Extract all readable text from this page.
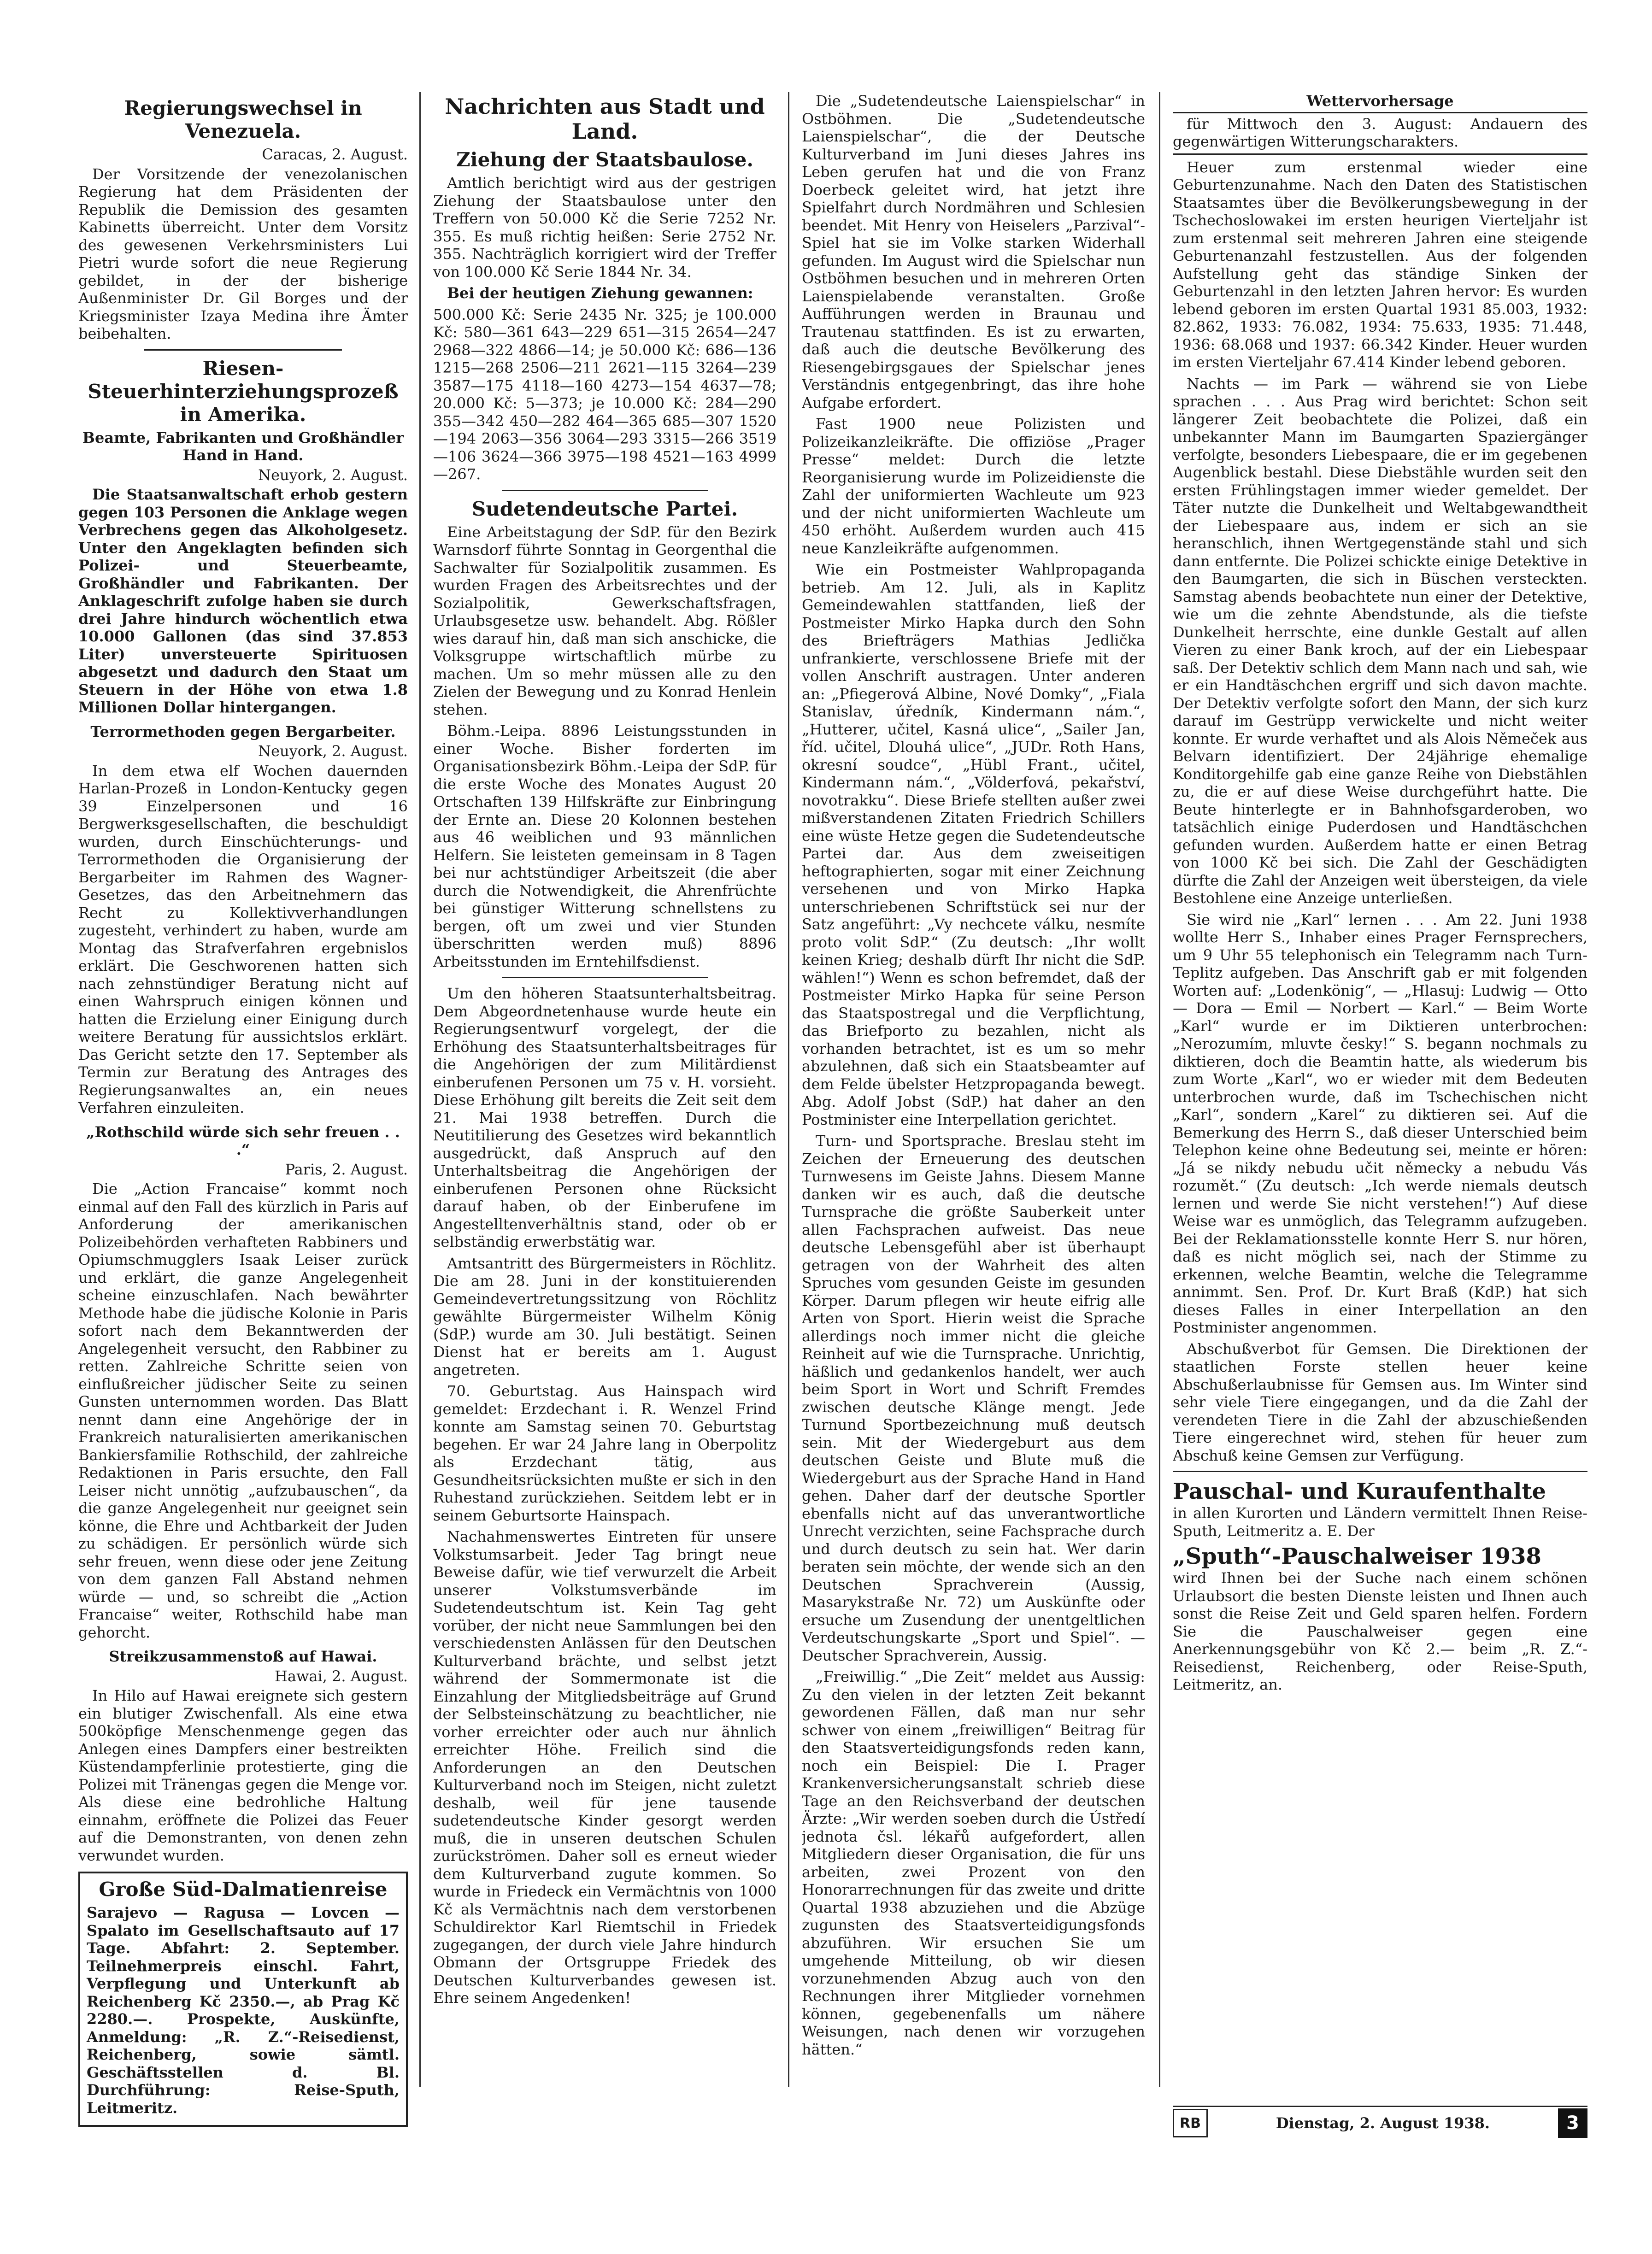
Regierungswechsel in Venezuela.
Caracas, 2. August.

Der Vorsitzende der venezolanischen Regierung hat dem Präsidenten der Republik die Demission des gesamten Kabinetts überreicht. Unter dem Vorsitz des gewesenen Verkehrsministers Lui Pietri wurde sofort die neue Regierung gebildet, in der der bisherige Außenminister Dr. Gil Borges und der Kriegsminister Izaya Medina ihre Ämter beibehalten.

Riesen-Steuerhinterziehungsprozeß in Amerika.
Beamte, Fabrikanten und Großhändler Hand in Hand.
Neuyork, 2. August.

Die Staatsanwaltschaft erhob gestern gegen 103 Personen die Anklage wegen Verbrechens gegen das Alkoholgesetz. Unter den Angeklagten befinden sich Polizei- und Steuerbeamte, Großhändler und Fabrikanten. Der Anklageschrift zufolge haben sie durch drei Jahre hindurch wöchentlich etwa 10.000 Gallonen (das sind 37.853 Liter) unversteuerte Spirituosen abgesetzt und dadurch den Staat um Steuern in der Höhe von etwa 1.8 Millionen Dollar hintergangen.

Terrormethoden gegen Bergarbeiter.
Neuyork, 2. August.

In dem etwa elf Wochen dauernden Harlan-Prozeß in London-Kentucky gegen 39 Einzelpersonen und 16 Bergwerksgesellschaften, die beschuldigt wurden, durch Einschüchterungs- und Terrormethoden die Organisierung der Bergarbeiter im Rahmen des Wagner-Gesetzes, das den Arbeitnehmern das Recht zu Kollektivverhandlungen zugesteht, verhindert zu haben, wurde am Montag das Strafverfahren ergebnislos erklärt. Die Geschworenen hatten sich nach zehnstündiger Beratung nicht auf einen Wahrspruch einigen können und hatten die Erzielung einer Einigung durch weitere Beratung für aussichtslos erklärt. Das Gericht setzte den 17. September als Termin zur Beratung des Antrages des Regierungsanwaltes an, ein neues Verfahren einzuleiten.

„Rothschild würde sich sehr freuen . . .“
Paris, 2. August.

Die „Action Francaise“ kommt noch einmal auf den Fall des kürzlich in Paris auf Anforderung der amerikanischen Polizeibehörden verhafteten Rabbiners und Opiumschmugglers Isaak Leiser zurück und erklärt, die ganze Angelegenheit scheine einzuschlafen. Nach bewährter Methode habe die jüdische Kolonie in Paris sofort nach dem Bekanntwerden der Angelegenheit versucht, den Rabbiner zu retten. Zahlreiche Schritte seien von einflußreicher jüdischer Seite zu seinen Gunsten unternommen worden. Das Blatt nennt dann eine Angehörige der in Frankreich naturalisierten amerikanischen Bankiersfamilie Rothschild, der zahlreiche Redaktionen in Paris ersuchte, den Fall Leiser nicht unnötig „aufzubauschen“, da die ganze Angelegenheit nur geeignet sein könne, die Ehre und Achtbarkeit der Juden zu schädigen. Er persönlich würde sich sehr freuen, wenn diese oder jene Zeitung von dem ganzen Fall Abstand nehmen würde — und, so schreibt die „Action Francaise“ weiter, Rothschild habe man gehorcht.

Streikzusammenstoß auf Hawai.
Hawai, 2. August.

In Hilo auf Hawai ereignete sich gestern ein blutiger Zwischenfall. Als eine etwa 500köpfige Menschenmenge gegen das Anlegen eines Dampfers einer bestreikten Küstendampferlinie protestierte, ging die Polizei mit Tränengas gegen die Menge vor. Als diese eine bedrohliche Haltung einnahm, eröffnete die Polizei das Feuer auf die Demonstranten, von denen zehn verwundet wurden.

Große Süd-Dalmatienreise

Sarajevo — Ragusa — Lovcen — Spalato im Gesellschaftsauto auf 17 Tage. Abfahrt: 2. September. Teilnehmerpreis einschl. Fahrt, Verpflegung und Unterkunft ab Reichenberg Kč 2350.—, ab Prag Kč 2280.—. Prospekte, Auskünfte, Anmeldung: „R. Z.“-Reisedienst, Reichenberg, sowie sämtl. Geschäftsstellen d. Bl. Durchführung: Reise-Sputh, Leitmeritz.

Nachrichten aus Stadt und Land.
Ziehung der Staatsbaulose.

Amtlich berichtigt wird aus der gestrigen Ziehung der Staatsbaulose unter den Treffern von 50.000 Kč die Serie 7252 Nr. 355. Es muß richtig heißen: Serie 2752 Nr. 355. Nachträglich korrigiert wird der Treffer von 100.000 Kč Serie 1844 Nr. 34.

Bei der heutigen Ziehung gewannen:

500.000 Kč: Serie 2435 Nr. 325; je 100.000 Kč: 580—361 643—229 651—315 2654—247 2968—322 4866—14; je 50.000 Kč: 686—136 1215—268 2506—211 2621—115 3264—239 3587—175 4118—160 4273—154 4637—78; 20.000 Kč: 5—373; je 10.000 Kč: 284—290 355—342 450—282 464—365 685—307 1520—194 2063—356 3064—293 3315—266 3519—106 3624—366 3975—198 4521—163 4999—267.

Sudetendeutsche Partei.

Eine Arbeitstagung der SdP. für den Bezirk Warnsdorf führte Sonntag in Georgenthal die Sachwalter für Sozialpolitik zusammen. Es wurden Fragen des Arbeitsrechtes und der Sozialpolitik, Gewerkschaftsfragen, Urlaubsgesetze usw. behandelt. Abg. Rößler wies darauf hin, daß man sich anschicke, die Volksgruppe wirtschaftlich mürbe zu machen. Um so mehr müssen alle zu den Zielen der Bewegung und zu Konrad Henlein stehen.

Böhm.-Leipa. 8896 Leistungsstunden in einer Woche. Bisher forderten im Organisationsbezirk Böhm.-Leipa der SdP. für die erste Woche des Monates August 20 Ortschaften 139 Hilfskräfte zur Einbringung der Ernte an. Diese 20 Kolonnen bestehen aus 46 weiblichen und 93 männlichen Helfern. Sie leisteten gemeinsam in 8 Tagen bei nur achtstündiger Arbeitszeit (die aber durch die Notwendigkeit, die Ahrenfrüchte bei günstiger Witterung schnellstens zu bergen, oft um zwei und vier Stunden überschritten werden muß) 8896 Arbeitsstunden im Erntehilfsdienst.

Um den höheren Staatsunterhaltsbeitrag. Dem Abgeordnetenhause wurde heute ein Regierungsentwurf vorgelegt, der die Erhöhung des Staatsunterhaltsbeitrages für die Angehörigen der zum Militärdienst einberufenen Personen um 75 v. H. vorsieht. Diese Erhöhung gilt bereits die Zeit seit dem 21. Mai 1938 betreffen. Durch die Neutitilierung des Gesetzes wird bekanntlich ausgedrückt, daß Anspruch auf den Unterhaltsbeitrag die Angehörigen der einberufenen Personen ohne Rücksicht darauf haben, ob der Einberufene im Angestelltenverhältnis stand, oder ob er selbständig erwerbstätig war.

Amtsantritt des Bürgermeisters in Röchlitz. Die am 28. Juni in der konstituierenden Gemeindevertretungssitzung von Röchlitz gewählte Bürgermeister Wilhelm König (SdP.) wurde am 30. Juli bestätigt. Seinen Dienst hat er bereits am 1. August angetreten.

70. Geburtstag. Aus Hainspach wird gemeldet: Erzdechant i. R. Wenzel Frind konnte am Samstag seinen 70. Geburtstag begehen. Er war 24 Jahre lang in Oberpolitz als Erzdechant tätig, aus Gesundheitsrücksichten mußte er sich in den Ruhestand zurückziehen. Seitdem lebt er in seinem Geburtsorte Hainspach.

Nachahmenswertes Eintreten für unsere Volkstumsarbeit. Jeder Tag bringt neue Beweise dafür, wie tief verwurzelt die Arbeit unserer Volkstumsverbände im Sudetendeutschtum ist. Kein Tag geht vorüber, der nicht neue Sammlungen bei den verschiedensten Anlässen für den Deutschen Kulturverband brächte, und selbst jetzt während der Sommermonate ist die Einzahlung der Mitgliedsbeiträge auf Grund der Selbsteinschätzung zu beachtlicher, nie vorher erreichter oder auch nur ähnlich erreichter Höhe. Freilich sind die Anforderungen an den Deutschen Kulturverband noch im Steigen, nicht zuletzt deshalb, weil für jene tausende sudetendeutsche Kinder gesorgt werden muß, die in unseren deutschen Schulen zurückströmen. Daher soll es erneut wieder dem Kulturverband zugute kommen. So wurde in Friedeck ein Vermächtnis von 1000 Kč als Vermächtnis nach dem verstorbenen Schuldirektor Karl Riemtschil in Friedek zugegangen, der durch viele Jahre hindurch Obmann der Ortsgruppe Friedek des Deutschen Kulturverbandes gewesen ist. Ehre seinem Angedenken!

Die „Sudetendeutsche Laienspielschar“ in Ostböhmen. Die „Sudetendeutsche Laienspielschar“, die der Deutsche Kulturverband im Juni dieses Jahres ins Leben gerufen hat und die von Franz Doerbeck geleitet wird, hat jetzt ihre Spielfahrt durch Nordmähren und Schlesien beendet. Mit Henry von Heiselers „Parzival“-Spiel hat sie im Volke starken Widerhall gefunden. Im August wird die Spielschar nun Ostböhmen besuchen und in mehreren Orten Laienspielabende veranstalten. Große Aufführungen werden in Braunau und Trautenau stattfinden. Es ist zu erwarten, daß auch die deutsche Bevölkerung des Riesengebirgsgaues der Spielschar jenes Verständnis entgegenbringt, das ihre hohe Aufgabe erfordert.

Fast 1900 neue Polizisten und Polizeikanzleikräfte. Die offiziöse „Prager Presse“ meldet: Durch die letzte Reorganisierung wurde im Polizeidienste die Zahl der uniformierten Wachleute um 923 und der nicht uniformierten Wachleute um 450 erhöht. Außerdem wurden auch 415 neue Kanzleikräfte aufgenommen.

Wie ein Postmeister Wahlpropaganda betrieb. Am 12. Juli, als in Kaplitz Gemeindewahlen stattfanden, ließ der Postmeister Mirko Hapka durch den Sohn des Briefträgers Mathias Jedlička unfrankierte, verschlossene Briefe mit der vollen Anschrift austragen. Unter anderen an: „Pfiegerová Albine, Nové Domky“, „Fiala Stanislav, úředník, Kindermann nám.“, „Hutterer, učitel, Kasná ulice“, „Sailer Jan, říd. učitel, Dlouhá ulice“, „JUDr. Roth Hans, okresní soudce“, „Hübl Frant., učitel, Kindermann nám.“, „Völderfová, pekařství, novotrakku“. Diese Briefe stellten außer zwei mißverstandenen Zitaten Friedrich Schillers eine wüste Hetze gegen die Sudetendeutsche Partei dar. Aus dem zweiseitigen heftographierten, sogar mit einer Zeichnung versehenen und von Mirko Hapka unterschriebenen Schriftstück sei nur der Satz angeführt: „Vy nechcete válku, nesmíte proto volit SdP.“ (Zu deutsch: „Ihr wollt keinen Krieg; deshalb dürft Ihr nicht die SdP. wählen!“) Wenn es schon befremdet, daß der Postmeister Mirko Hapka für seine Person das Staatspostregal und die Verpflichtung, das Briefporto zu bezahlen, nicht als vorhanden betrachtet, ist es um so mehr abzulehnen, daß sich ein Staatsbeamter auf dem Felde übelster Hetzpropaganda bewegt. Abg. Adolf Jobst (SdP.) hat daher an den Postminister eine Interpellation gerichtet.

Turn- und Sportsprache. Breslau steht im Zeichen der Erneuerung des deutschen Turnwesens im Geiste Jahns. Diesem Manne danken wir es auch, daß die deutsche Turnsprache die größte Sauberkeit unter allen Fachsprachen aufweist. Das neue deutsche Lebensgefühl aber ist überhaupt getragen von der Wahrheit des alten Spruches vom gesunden Geiste im gesunden Körper. Darum pflegen wir heute eifrig alle Arten von Sport. Hierin weist die Sprache allerdings noch immer nicht die gleiche Reinheit auf wie die Turnsprache. Unrichtig, häßlich und gedankenlos handelt, wer auch beim Sport in Wort und Schrift Fremdes zwischen deutsche Klänge mengt. Jede Turnund Sportbezeichnung muß deutsch sein. Mit der Wiedergeburt aus dem deutschen Geiste und Blute muß die Wiedergeburt aus der Sprache Hand in Hand gehen. Daher darf der deutsche Sportler ebenfalls nicht auf das unverantwortliche Unrecht verzichten, seine Fachsprache durch und durch deutsch zu sein hat. Wer darin beraten sein möchte, der wende sich an den Deutschen Sprachverein (Aussig, Masarykstraße Nr. 72) um Auskünfte oder ersuche um Zusendung der unentgeltlichen Verdeutschungskarte „Sport und Spiel“. — Deutscher Sprachverein, Aussig.

„Freiwillig.“ „Die Zeit“ meldet aus Aussig: Zu den vielen in der letzten Zeit bekannt gewordenen Fällen, daß man nur sehr schwer von einem „freiwilligen“ Beitrag für den Staatsverteidigungsfonds reden kann, noch ein Beispiel: Die I. Prager Krankenversicherungsanstalt schrieb diese Tage an den Reichsverband der deutschen Ärzte: „Wir werden soeben durch die Ústředí jednota čsl. lékařů aufgefordert, allen Mitgliedern dieser Organisation, die für uns arbeiten, zwei Prozent von den Honorarrechnungen für das zweite und dritte Quartal 1938 abzuziehen und die Abzüge zugunsten des Staatsverteidigungsfonds abzuführen. Wir ersuchen Sie um umgehende Mitteilung, ob wir diesen vorzunehmenden Abzug auch von den Rechnungen ihrer Mitglieder vornehmen können, gegebenenfalls um nähere Weisungen, nach denen wir vorzugehen hätten.“

Wettervorhersage

für Mittwoch den 3. August: Andauern des gegenwärtigen Witterungscharakters.

Heuer zum erstenmal wieder eine Geburtenzunahme. Nach den Daten des Statistischen Staatsamtes über die Bevölkerungsbewegung in der Tschechoslowakei im ersten heurigen Vierteljahr ist zum erstenmal seit mehreren Jahren eine steigende Geburtenanzahl festzustellen. Aus der folgenden Aufstellung geht das ständige Sinken der Geburtenzahl in den letzten Jahren hervor: Es wurden lebend geboren im ersten Quartal 1931 85.003, 1932: 82.862, 1933: 76.082, 1934: 75.633, 1935: 71.448, 1936: 68.068 und 1937: 66.342 Kinder. Heuer wurden im ersten Vierteljahr 67.414 Kinder lebend geboren.

Nachts — im Park — während sie von Liebe sprachen . . . Aus Prag wird berichtet: Schon seit längerer Zeit beobachtete die Polizei, daß ein unbekannter Mann im Baumgarten Spaziergänger verfolgte, besonders Liebespaare, die er im gegebenen Augenblick bestahl. Diese Diebstähle wurden seit den ersten Frühlingstagen immer wieder gemeldet. Der Täter nutzte die Dunkelheit und Weltabgewandtheit der Liebespaare aus, indem er sich an sie heranschlich, ihnen Wertgegenstände stahl und sich dann entfernte. Die Polizei schickte einige Detektive in den Baumgarten, die sich in Büschen versteckten. Samstag abends beobachtete nun einer der Detektive, wie um die zehnte Abendstunde, als die tiefste Dunkelheit herrschte, eine dunkle Gestalt auf allen Vieren zu einer Bank kroch, auf der ein Liebespaar saß. Der Detektiv schlich dem Mann nach und sah, wie er ein Handtäschchen ergriff und sich davon machte. Der Detektiv verfolgte sofort den Mann, der sich kurz darauf im Gestrüpp verwickelte und nicht weiter konnte. Er wurde verhaftet und als Alois Němeček aus Belvarn identifiziert. Der 24jährige ehemalige Konditorgehilfe gab eine ganze Reihe von Diebstählen zu, die er auf diese Weise durchgeführt hatte. Die Beute hinterlegte er in Bahnhofsgarderoben, wo tatsächlich einige Puderdosen und Handtäschchen gefunden wurden. Außerdem hatte er einen Betrag von 1000 Kč bei sich. Die Zahl der Geschädigten dürfte die Zahl der Anzeigen weit übersteigen, da viele Bestohlene eine Anzeige unterließen.

Sie wird nie „Karl“ lernen . . . Am 22. Juni 1938 wollte Herr S., Inhaber eines Prager Fernsprechers, um 9 Uhr 55 telephonisch ein Telegramm nach Turn-Teplitz aufgeben. Das Anschrift gab er mit folgenden Worten auf: „Lodenkönig“, — „Hlasuj: Ludwig — Otto — Dora — Emil — Norbert — Karl.“ — Beim Worte „Karl“ wurde er im Diktieren unterbrochen: „Nerozumím, mluvte česky!“ S. begann nochmals zu diktieren, doch die Beamtin hatte, als wiederum bis zum Worte „Karl“, wo er wieder mit dem Bedeuten unterbrochen wurde, daß im Tschechischen nicht „Karl“, sondern „Karel“ zu diktieren sei. Auf die Bemerkung des Herrn S., daß dieser Unterschied beim Telephon keine ohne Bedeutung sei, meinte er hören: „Já se nikdy nebudu učit německy a nebudu Vás rozumět.“ (Zu deutsch: „Ich werde niemals deutsch lernen und werde Sie nicht verstehen!“) Auf diese Weise war es unmöglich, das Telegramm aufzugeben. Bei der Reklamationsstelle konnte Herr S. nur hören, daß es nicht möglich sei, nach der Stimme zu erkennen, welche Beamtin, welche die Telegramme annimmt. Sen. Prof. Dr. Kurt Braß (KdP.) hat sich dieses Falles in einer Interpellation an den Postminister angenommen.

Abschußverbot für Gemsen. Die Direktionen der staatlichen Forste stellen heuer keine Abschußerlaubnisse für Gemsen aus. Im Winter sind sehr viele Tiere eingegangen, und da die Zahl der verendeten Tiere in die Zahl der abzuschießenden Tiere eingerechnet wird, stehen für heuer zum Abschuß keine Gemsen zur Verfügung.

Pauschal- und Kuraufenthalte

in allen Kurorten und Ländern vermittelt Ihnen Reise-Sputh, Leitmeritz a. E. Der

„Sputh“-Pauschalweiser 1938

wird Ihnen bei der Suche nach einem schönen Urlaubsort die besten Dienste leisten und Ihnen auch sonst die Reise Zeit und Geld sparen helfen. Fordern Sie die Pauschalweiser gegen eine Anerkennungsgebühr von Kč 2.— beim „R. Z.“-Reisedienst, Reichenberg, oder Reise-Sputh, Leitmeritz, an.

RB	Dienstag, 2. August 1938.	3
